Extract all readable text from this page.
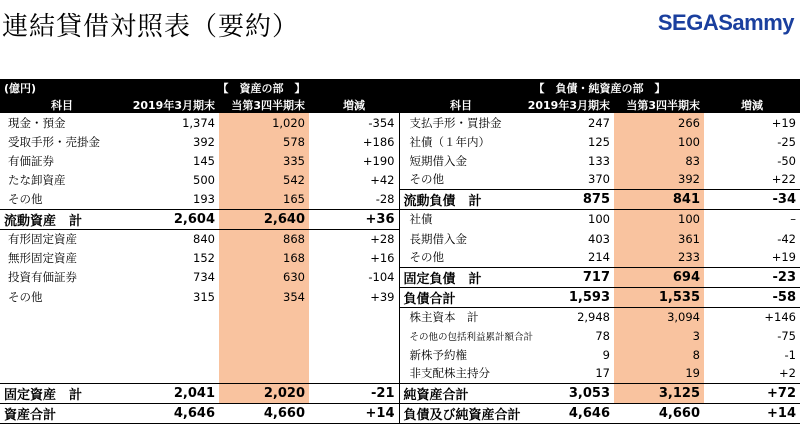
連結貸借対照表（要約）	SEGA Sammy
(億円)	【　資産の部　】			【　負債・純資産の部　】			
科目	2019年3月期末	当第3四半期末	増減	科目	2019年3月期末	当第3四半期末	増減
現金・預金	1,374	1,020	-354	支払手形・買掛金	247	266	+19
受取手形・売掛金	392	578	+186	社債（１年内）	125	100	-25
有価証券	145	335	+190	短期借入金	133	83	-50
たな卸資産	500	542	+42	その他	370	392	+22
その他	193	165	-28	流動負債　計	875	841	-34
流動資産　計	2,604	2,640	+36	社債	100	100	–
有形固定資産	840	868	+28	長期借入金	403	361	-42
無形固定資産	152	168	+16	その他	214	233	+19
投資有価証券	734	630	-104	固定負債　計	717	694	-23
その他	315	354	+39	負債合計	1,593	1,535	-58
				株主資本　計	2,948	3,094	+146
				その他の包括利益累計額合計	78	3	-75
				新株予約権	9	8	-1
				非支配株主持分	17	19	+2
固定資産　計	2,041	2,020	-21	純資産合計	3,053	3,125	+72
資産合計	4,646	4,660	+14	負債及び純資産合計	4,646	4,660	+14
